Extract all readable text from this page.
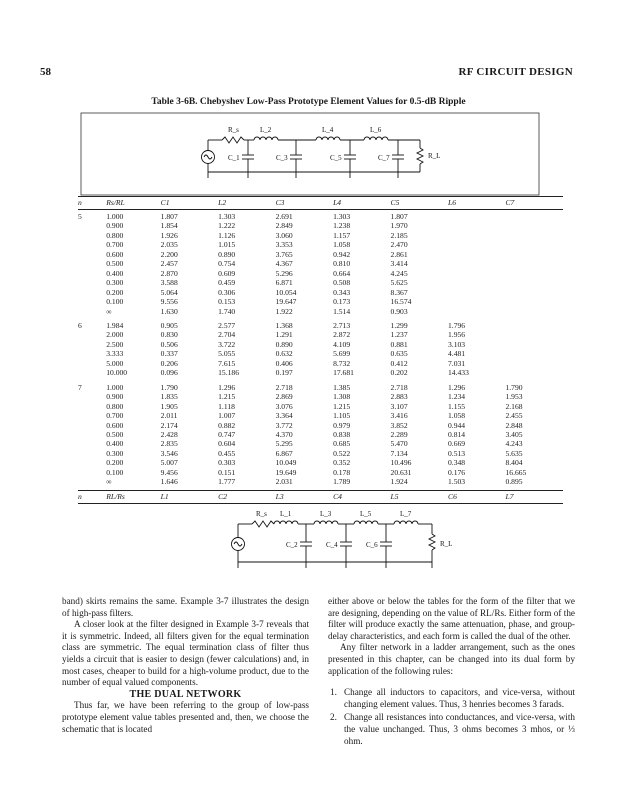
58	RF CIRCUIT DESIGN
Table 3-6B. Chebyshev Low-Pass Prototype Element Values for 0.5-dB Ripple
R_s	L_2	L_4	L_6
C_1	C_3	C_5	C_7	R_L
n	Rs/RL	C1	L2	C3	L4	C5	L6	C7
5	1.000	1.807	1.303	2.691	1.303	1.807		
	0.900	1.854	1.222	2.849	1.238	1.970		
	0.800	1.926	1.126	3.060	1.157	2.185		
	0.700	2.035	1.015	3.353	1.058	2.470		
	0.600	2.200	0.890	3.765	0.942	2.861		
	0.500	2.457	0.754	4.367	0.810	3.414		
	0.400	2.870	0.609	5.296	0.664	4.245		
	0.300	3.588	0.459	6.871	0.508	5.625		
	0.200	5.064	0.306	10.054	0.343	8.367		
	0.100	9.556	0.153	19.647	0.173	16.574		
	∞	1.630	1.740	1.922	1.514	0.903		
6	1.984	0.905	2.577	1.368	2.713	1.299	1.796	
	2.000	0.830	2.704	1.291	2.872	1.237	1.956	
	2.500	0.506	3.722	0.890	4.109	0.881	3.103	
	3.333	0.337	5.055	0.632	5.699	0.635	4.481	
	5.000	0.206	7.615	0.406	8.732	0.412	7.031	
	10.000	0.096	15.186	0.197	17.681	0.202	14.433	
7	1.000	1.790	1.296	2.718	1.385	2.718	1.296	1.790
	0.900	1.835	1.215	2.869	1.308	2.883	1.234	1.953
	0.800	1.905	1.118	3.076	1.215	3.107	1.155	2.168
	0.700	2.011	1.007	3.364	1.105	3.416	1.058	2.455
	0.600	2.174	0.882	3.772	0.979	3.852	0.944	2.848
	0.500	2.428	0.747	4.370	0.838	2.289	0.814	3.405
	0.400	2.835	0.604	5.295	0.685	5.470	0.669	4.243
	0.300	3.546	0.455	6.867	0.522	7.134	0.513	5.635
	0.200	5.007	0.303	10.049	0.352	10.496	0.348	8.404
	0.100	9.456	0.151	19.649	0.178	20.631	0.176	16.665
	∞	1.646	1.777	2.031	1.789	1.924	1.503	0.895
n	RL/Rs	L1	C2	L3	C4	L5	C6	L7
R_s L_1	L_3	L_5	L_7
C_2	C_4	C_6	R_L

band) skirts remains the same. Example 3-7 illustrates the design of high-pass filters.

A closer look at the filter designed in Example 3-7 reveals that it is symmetric. Indeed, all filters given for the equal termination class are symmetric. The equal termination class of filter thus yields a circuit that is easier to design (fewer calculations) and, in most cases, cheaper to build for a high-volume product, due to the number of equal valued components.

THE DUAL NETWORK

Thus far, we have been referring to the group of low-pass prototype element value tables presented and, then, we choose the schematic that is located

either above or below the tables for the form of the filter that we are designing, depending on the value of RL/Rs. Either form of the filter will produce exactly the same attenuation, phase, and group-delay characteristics, and each form is called the dual of the other.

Any filter network in a ladder arrangement, such as the ones presented in this chapter, can be changed into its dual form by application of the following rules:

1. Change all inductors to capacitors, and vice-versa, without changing element values. Thus, 3 henries becomes 3 farads.
2. Change all resistances into conductances, and vice-versa, with the value unchanged. Thus, 3 ohms becomes 3 mhos, or ⅓ ohm.
